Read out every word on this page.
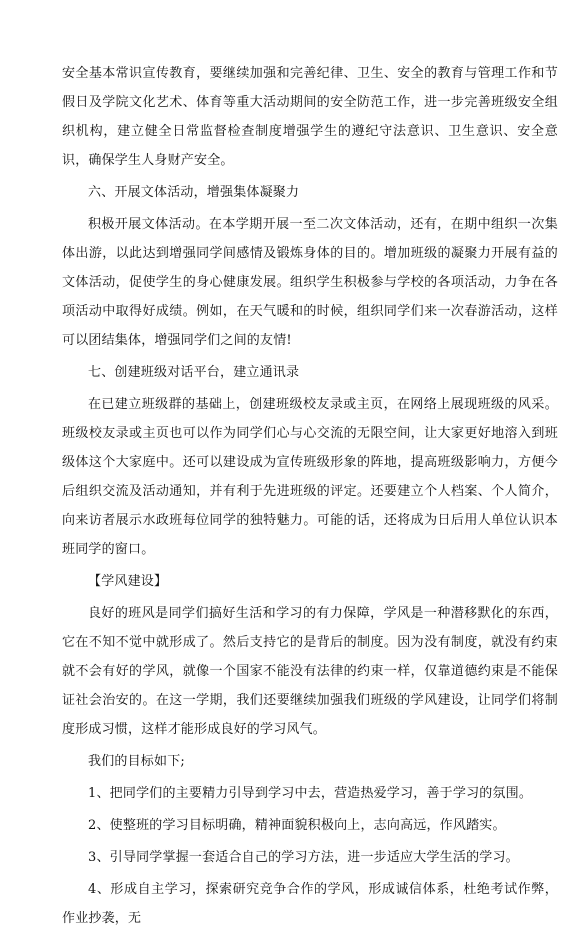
安全基本常识宣传教育，要继续加强和完善纪律、卫生、安全的教育与管理工作和节假日及学院文化艺术、体育等重大活动期间的安全防范工作，进一步完善班级安全组织机构，建立健全日常监督检查制度增强学生的遵纪守法意识、卫生意识、安全意识，确保学生人身财产安全。

六、开展文体活动，增强集体凝聚力

积极开展文体活动。在本学期开展一至二次文体活动，还有，在期中组织一次集体出游，以此达到增强同学间感情及锻炼身体的目的。增加班级的凝聚力开展有益的文体活动，促使学生的身心健康发展。组织学生积极参与学校的各项活动，力争在各项活动中取得好成绩。例如，在天气暖和的时候，组织同学们来一次春游活动，这样可以团结集体，增强同学们之间的友情!

七、创建班级对话平台，建立通讯录

在已建立班级群的基础上，创建班级校友录或主页，在网络上展现班级的风采。班级校友录或主页也可以作为同学们心与心交流的无限空间，让大家更好地溶入到班级体这个大家庭中。还可以建设成为宣传班级形象的阵地，提高班级影响力，方便今后组织交流及活动通知，并有利于先进班级的评定。还要建立个人档案、个人简介，向来访者展示水政班每位同学的独特魅力。可能的话，还将成为日后用人单位认识本班同学的窗口。

【学风建设】

良好的班风是同学们搞好生活和学习的有力保障，学风是一种潜移默化的东西，它在不知不觉中就形成了。然后支持它的是背后的制度。因为没有制度，就没有约束就不会有好的学风，就像一个国家不能没有法律的约束一样，仅靠道德约束是不能保证社会治安的。在这一学期，我们还要继续加强我们班级的学风建设，让同学们将制度形成习惯，这样才能形成良好的学习风气。

我们的目标如下;

1、把同学们的主要精力引导到学习中去，营造热爱学习，善于学习的氛围。

2、使整班的学习目标明确，精神面貌积极向上，志向高远，作风踏实。

3、引导同学掌握一套适合自己的学习方法，进一步适应大学生活的学习。

4、形成自主学习，探索研究竞争合作的学风，形成诚信体系，杜绝考试作弊，作业抄袭，无
